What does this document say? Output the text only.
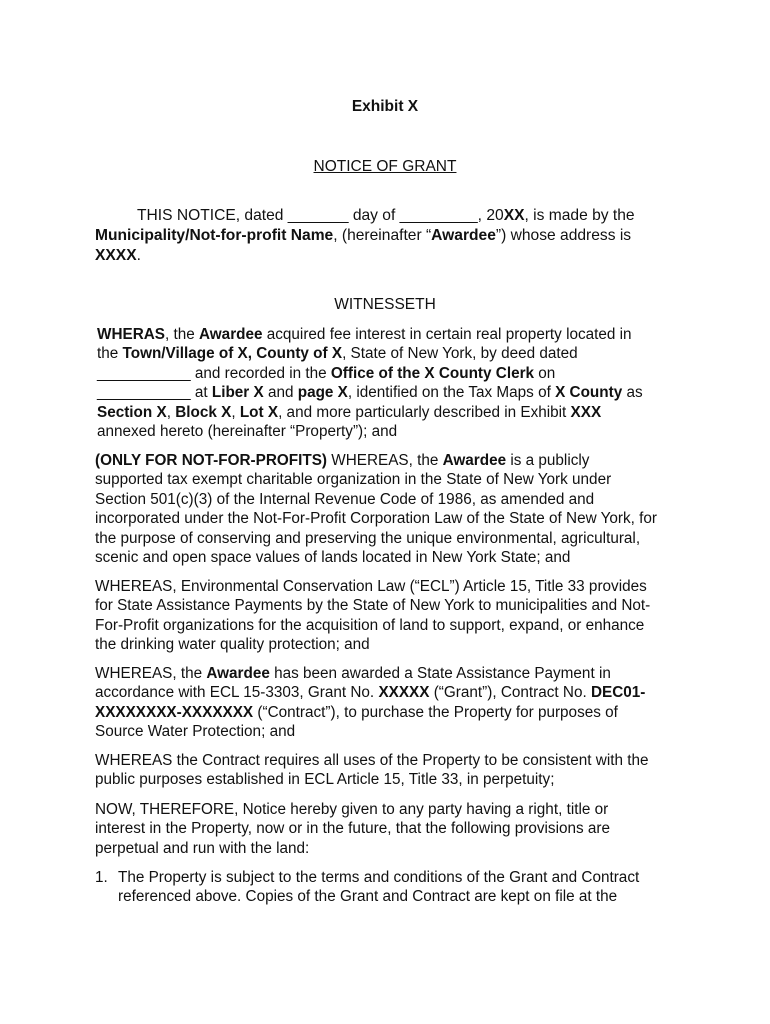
Exhibit X
NOTICE OF GRANT
THIS NOTICE, dated _______ day of _________, 20XX, is made by the
Municipality/Not-for-profit Name, (hereinafter “Awardee”) whose address is
XXXX.
WITNESSETH
WHERAS, the Awardee acquired fee interest in certain real property located in
the Town/Village of X, County of X, State of New York, by deed dated
___________ and recorded in the Office of the X County Clerk on
___________ at Liber X and page X, identified on the Tax Maps of X County as
Section X, Block X, Lot X, and more particularly described in Exhibit XXX
annexed hereto (hereinafter “Property”); and
(ONLY FOR NOT-FOR-PROFITS) WHEREAS, the Awardee is a publicly
supported tax exempt charitable organization in the State of New York under
Section 501(c)(3) of the Internal Revenue Code of 1986, as amended and
incorporated under the Not-For-Profit Corporation Law of the State of New York, for
the purpose of conserving and preserving the unique environmental, agricultural,
scenic and open space values of lands located in New York State; and
WHEREAS, Environmental Conservation Law (“ECL”) Article 15, Title 33 provides
for State Assistance Payments by the State of New York to municipalities and Not-
For-Profit organizations for the acquisition of land to support, expand, or enhance
the drinking water quality protection; and
WHEREAS, the Awardee has been awarded a State Assistance Payment in
accordance with ECL 15-3303, Grant No. XXXXX (“Grant”), Contract No. DEC01-
XXXXXXXX-XXXXXXX (“Contract”), to purchase the Property for purposes of
Source Water Protection; and
WHEREAS the Contract requires all uses of the Property to be consistent with the
public purposes established in ECL Article 15, Title 33, in perpetuity;
NOW, THEREFORE, Notice hereby given to any party having a right, title or
interest in the Property, now or in the future, that the following provisions are
perpetual and run with the land:
1. The Property is subject to the terms and conditions of the Grant and Contract
referenced above. Copies of the Grant and Contract are kept on file at the
